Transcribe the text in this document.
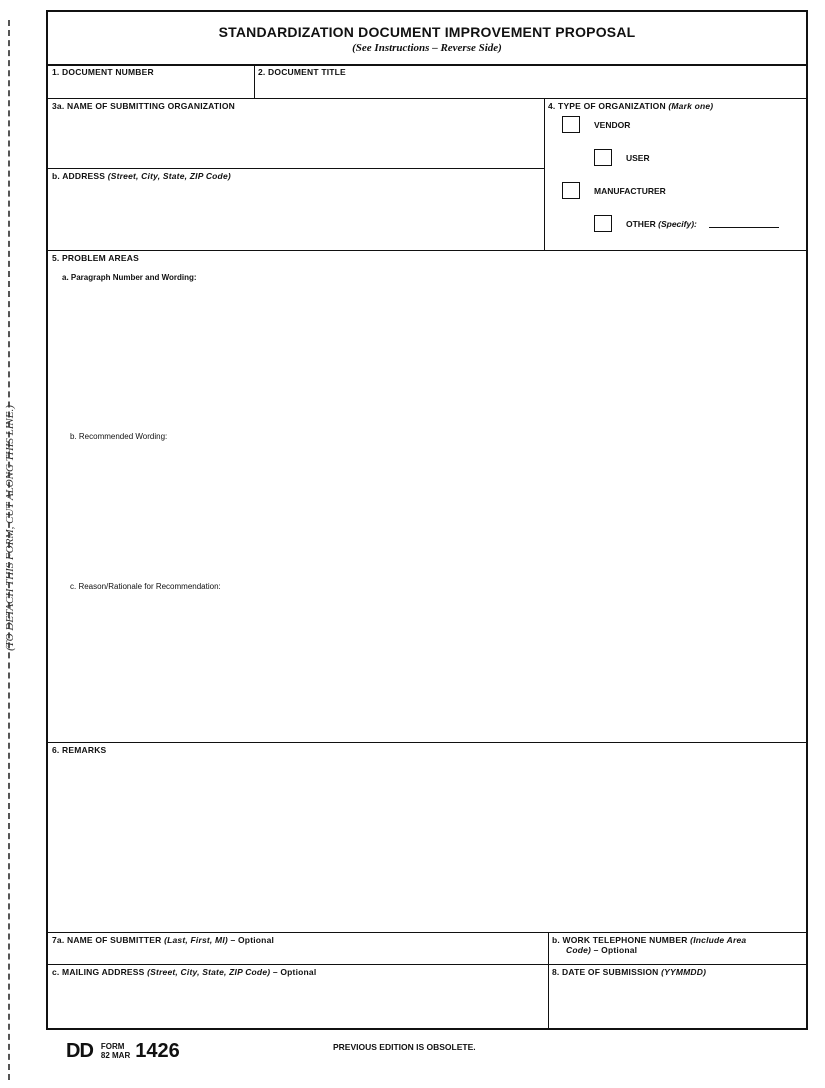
(TO DETACH THIS FORM, CUT ALONG THIS LINE.)
STANDARDIZATION DOCUMENT IMPROVEMENT PROPOSAL
(See Instructions – Reverse Side)
1. DOCUMENT NUMBER	2. DOCUMENT TITLE
3a. NAME OF SUBMITTING ORGANIZATION
b. ADDRESS (Street, City, State, ZIP Code)
4. TYPE OF ORGANIZATION (Mark one)
VENDOR
USER
MANUFACTURER
OTHER (Specify):
5. PROBLEM AREAS
a. Paragraph Number and Wording:
b. Recommended Wording:
c. Reason/Rationale for Recommendation:
6. REMARKS
7a. NAME OF SUBMITTER (Last, First, MI) – Optional	b. WORK TELEPHONE NUMBER (Include Area
Code) – Optional
c. MAILING ADDRESS (Street, City, State, ZIP Code) – Optional	8. DATE OF SUBMISSION (YYMMDD)
DD FORM
82 MAR 1426	PREVIOUS EDITION IS OBSOLETE.
